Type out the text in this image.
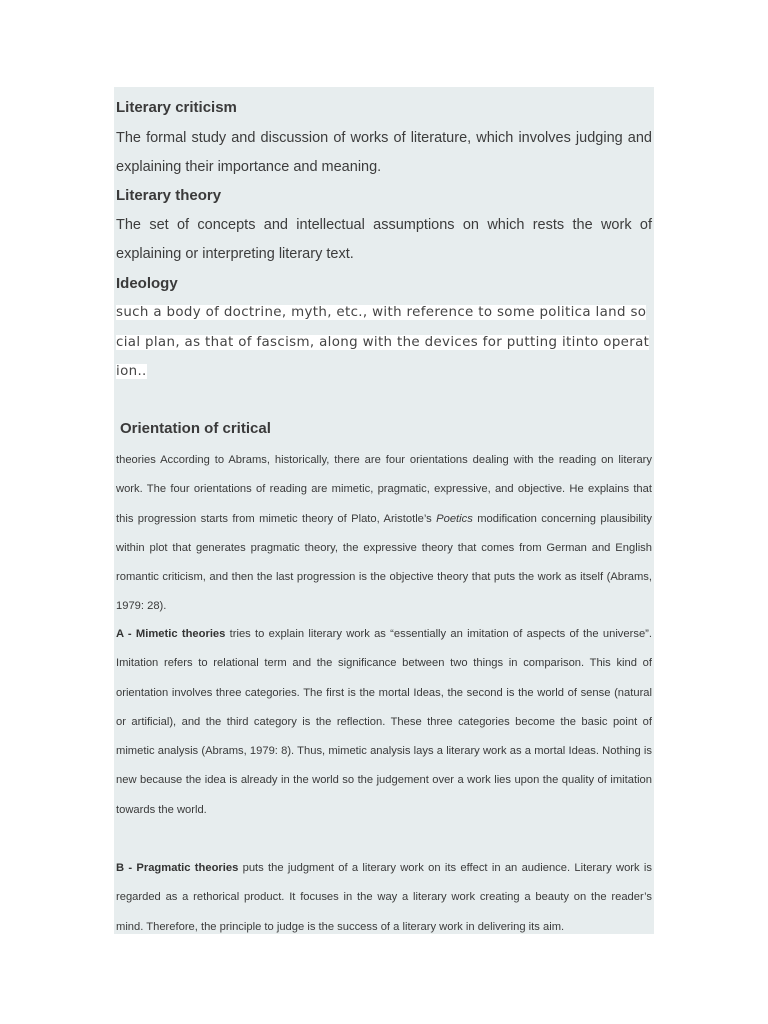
Literary criticism

The formal study and discussion of works of literature, which involves judging and explaining their importance and meaning.

Literary theory

The set of concepts and intellectual assumptions on which rests the work of explaining or interpreting literary text.

Ideology

such a body of doctrine, myth, etc., with reference to some politica land social plan, as that of fascism, along with the devices for putting itinto operation..

Orientation of critical

theories According to Abrams, historically, there are four orientations dealing with the reading on literary work. The four orientations of reading are mimetic, pragmatic, expressive, and objective. He explains that this progression starts from mimetic theory of Plato, Aristotle’s Poetics modification concerning plausibility within plot that generates pragmatic theory, the expressive theory that comes from German and English romantic criticism, and then the last progression is the objective theory that puts the work as itself (Abrams, 1979: 28).

A - Mimetic theories tries to explain literary work as “essentially an imitation of aspects of the universe”. Imitation refers to relational term and the significance between two things in comparison. This kind of orientation involves three categories. The first is the mortal Ideas, the second is the world of sense (natural or artificial), and the third category is the reflection. These three categories become the basic point of mimetic analysis (Abrams, 1979: 8). Thus, mimetic analysis lays a literary work as a mortal Ideas. Nothing is new because the idea is already in the world so the judgement over a work lies upon the quality of imitation towards the world.

B - Pragmatic theories puts the judgment of a literary work on its effect in an audience. Literary work is regarded as a rethorical product. It focuses in the way a literary work creating a beauty on the reader’s mind. Therefore, the principle to judge is the success of a literary work in delivering its aim.
